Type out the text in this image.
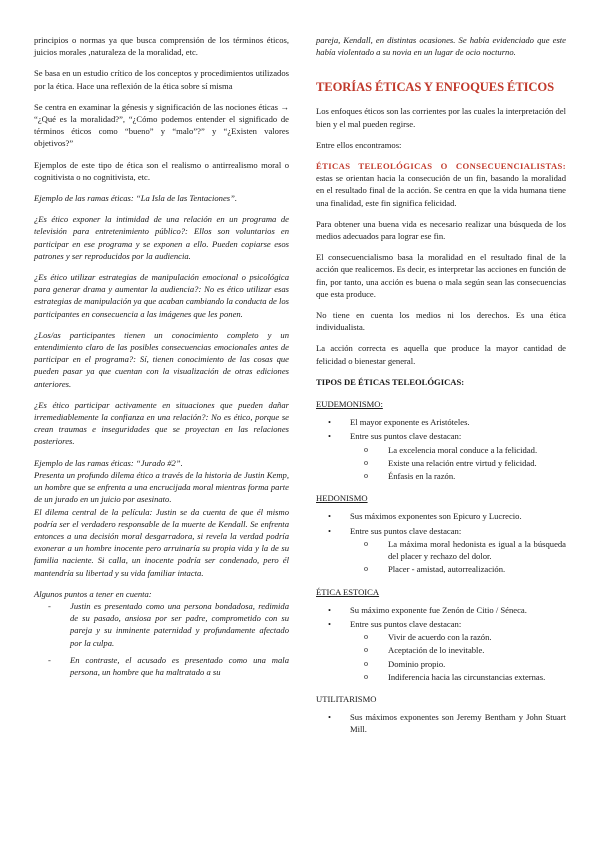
principios o normas ya que busca comprensión de los términos éticos, juicios morales ,naturaleza de la moralidad, etc.

Se basa en un estudio crítico de los conceptos y procedimientos utilizados por la ética. Hace una reflexión de la ética sobre sí misma

Se centra en examinar la génesis y significación de las nociones éticas → “¿Qué es la moralidad?”, “¿Cómo podemos entender el significado de términos éticos como “bueno” y “malo”?” y “¿Existen valores objetivos?”

Ejemplos de este tipo de ética son el realismo o antirrealismo moral o cognitivista o no cognitivista, etc.

Ejemplo de las ramas éticas: “La Isla de las Tentaciones”.

¿Es ético exponer la intimidad de una relación en un programa de televisión para entretenimiento público?: Ellos son voluntarios en participar en ese programa y se exponen a ello. Pueden copiarse esos patrones y ser reproducidos por la audiencia.

¿Es ético utilizar estrategias de manipulación emocional o psicológica para generar drama y aumentar la audiencia?: No es ético utilizar esas estrategias de manipulación ya que acaban cambiando la conducta de los participantes en consecuencia a las imágenes que les ponen.

¿Los/as participantes tienen un conocimiento completo y un entendimiento claro de las posibles consecuencias emocionales antes de participar en el programa?: Sí, tienen conocimiento de las cosas que pueden pasar ya que cuentan con la visualización de otras ediciones anteriores.

¿Es ético participar activamente en situaciones que pueden dañar irremediablemente la confianza en una relación?: No es ético, porque se crean traumas e inseguridades que se proyectan en las relaciones posteriores.

Ejemplo de las ramas éticas: “Jurado #2”.

Presenta un profundo dilema ético a través de la historia de Justin Kemp, un hombre que se enfrenta a una encrucijada moral mientras forma parte de un jurado en un juicio por asesinato.

El dilema central de la película: Justin se da cuenta de que él mismo podría ser el verdadero responsable de la muerte de Kendall. Se enfrenta entonces a una decisión moral desgarradora, si revela la verdad podría exonerar a un hombre inocente pero arruinaría su propia vida y la de su familia naciente. Si calla, un inocente podría ser condenado, pero él mantendría su libertad y su vida familiar intacta.

Algunos puntos a tener en cuenta:

- Justin es presentado como una persona bondadosa, redimida de su pasado, ansiosa por ser padre, comprometido con su pareja y su inminente paternidad y profundamente afectado por la culpa.
- En contraste, el acusado es presentado como una mala persona, un hombre que ha maltratado a su

pareja, Kendall, en distintas ocasiones. Se había evidenciado que este había violentado a su novia en un lugar de ocio nocturno.

TEORÍAS ÉTICAS Y ENFOQUES ÉTICOS

Los enfoques éticos son las corrientes por las cuales la interpretación del bien y el mal pueden regirse.

Entre ellos encontramos:

ÉTICAS TELEOLÓGICAS O CONSECUENCIALISTAS: estas se orientan hacia la consecución de un fin, basando la moralidad en el resultado final de la acción. Se centra en que la vida humana tiene una finalidad, este fin significa felicidad.

Para obtener una buena vida es necesario realizar una búsqueda de los medios adecuados para lograr ese fin.

El consecuencialismo basa la moralidad en el resultado final de la acción que realicemos. Es decir, es interpretar las acciones en función de fin, por tanto, una acción es buena o mala según sean las consecuencias que esta produce.

No tiene en cuenta los medios ni los derechos. Es una ética individualista.

La acción correcta es aquella que produce la mayor cantidad de felicidad o bienestar general.

TIPOS DE ÉTICAS TELEOLÓGICAS:
EUDEMONISMO:
• El mayor exponente es Aristóteles.
• Entre sus puntos clave destacan:
o La excelencia moral conduce a la felicidad.
o Existe una relación entre virtud y felicidad.
o Énfasis en la razón.
HEDONISMO
• Sus máximos exponentes son Epicuro y Lucrecio.
• Entre sus puntos clave destacan:
o La máxima moral hedonista es igual a la búsqueda del placer y rechazo del dolor.
o Placer - amistad, autorrealización.
ÉTICA ESTOICA
• Su máximo exponente fue Zenón de Citio / Séneca.
• Entre sus puntos clave destacan:
o Vivir de acuerdo con la razón.
o Aceptación de lo inevitable.
o Dominio propio.
o Indiferencia hacia las circunstancias externas.
UTILITARISMO
• Sus máximos exponentes son Jeremy Bentham y John Stuart Mill.
